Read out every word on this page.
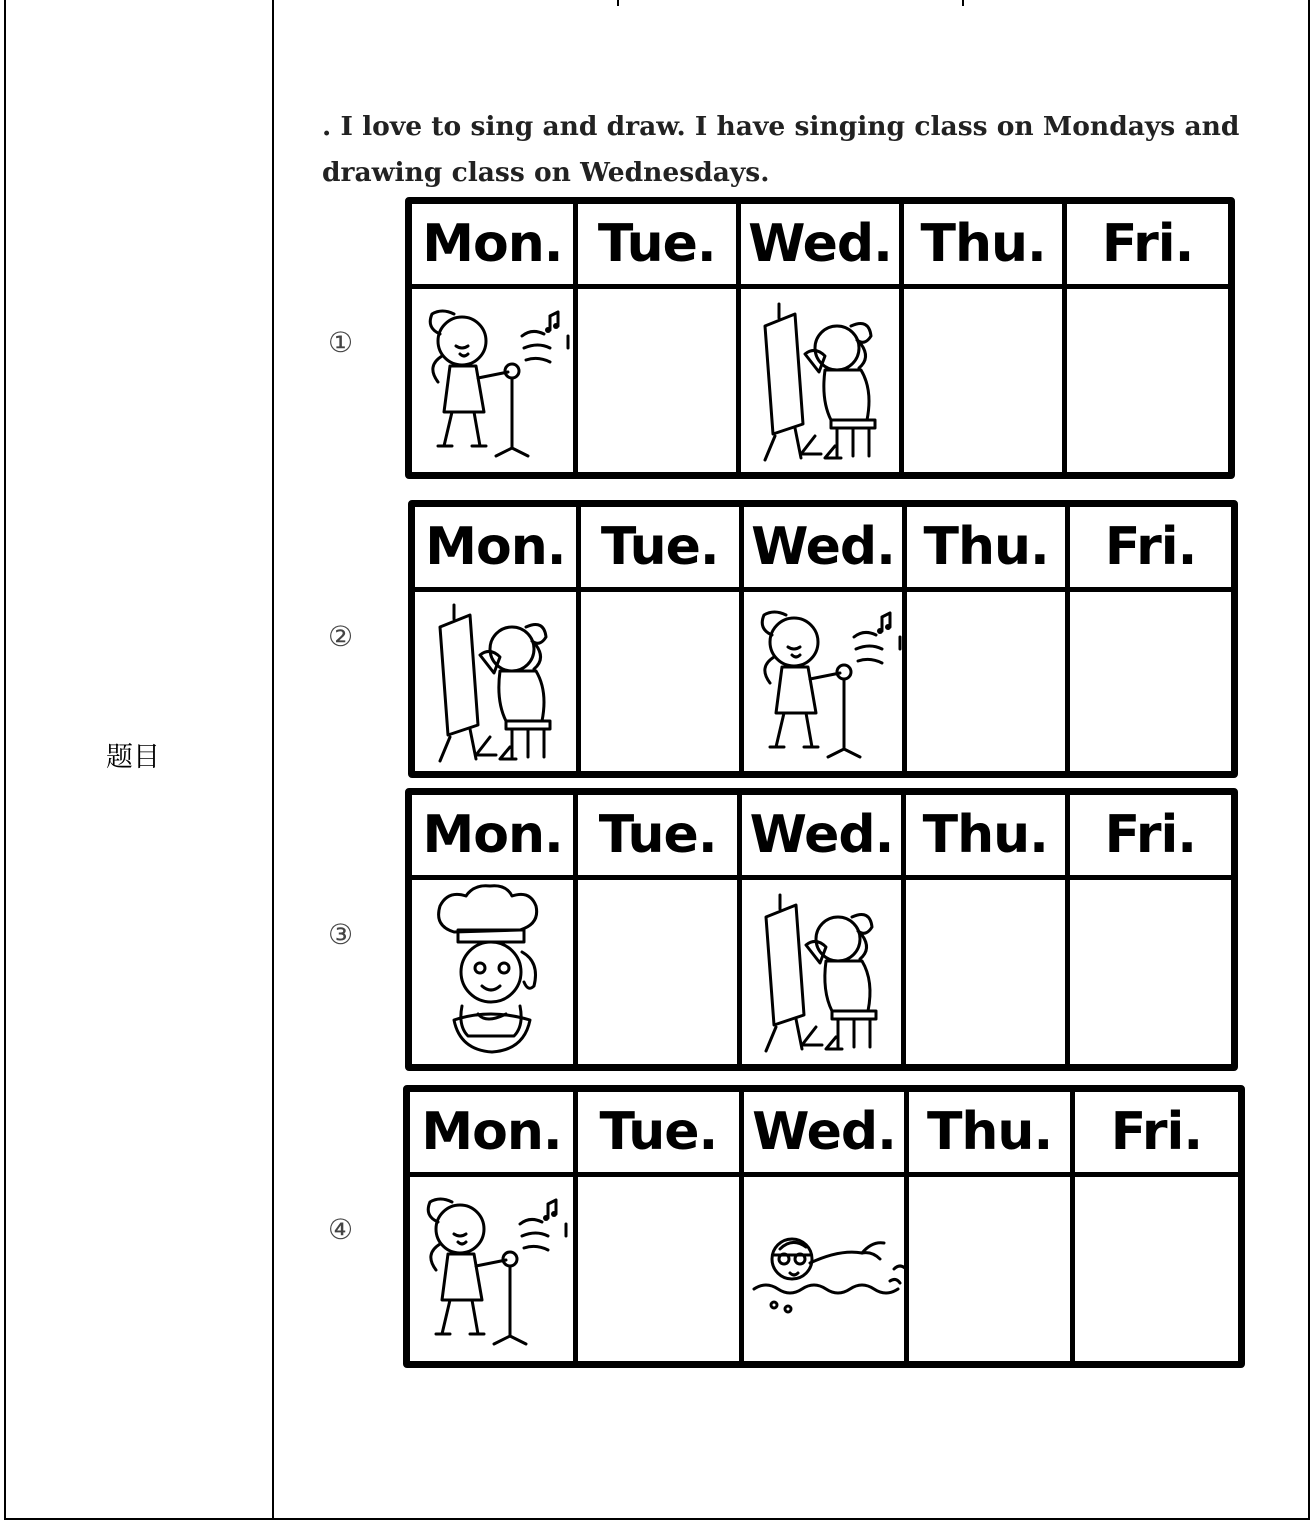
题目
. I love to sing and draw. I have singing class on Mondays and drawing class on Wednesdays.
①
Mon.	Tue.	Wed.	Thu.	Fri.

②
Mon.	Tue.	Wed.	Thu.	Fri.

③
Mon.	Tue.	Wed.	Thu.	Fri.

④
Mon.	Tue.	Wed.	Thu.	Fri.
